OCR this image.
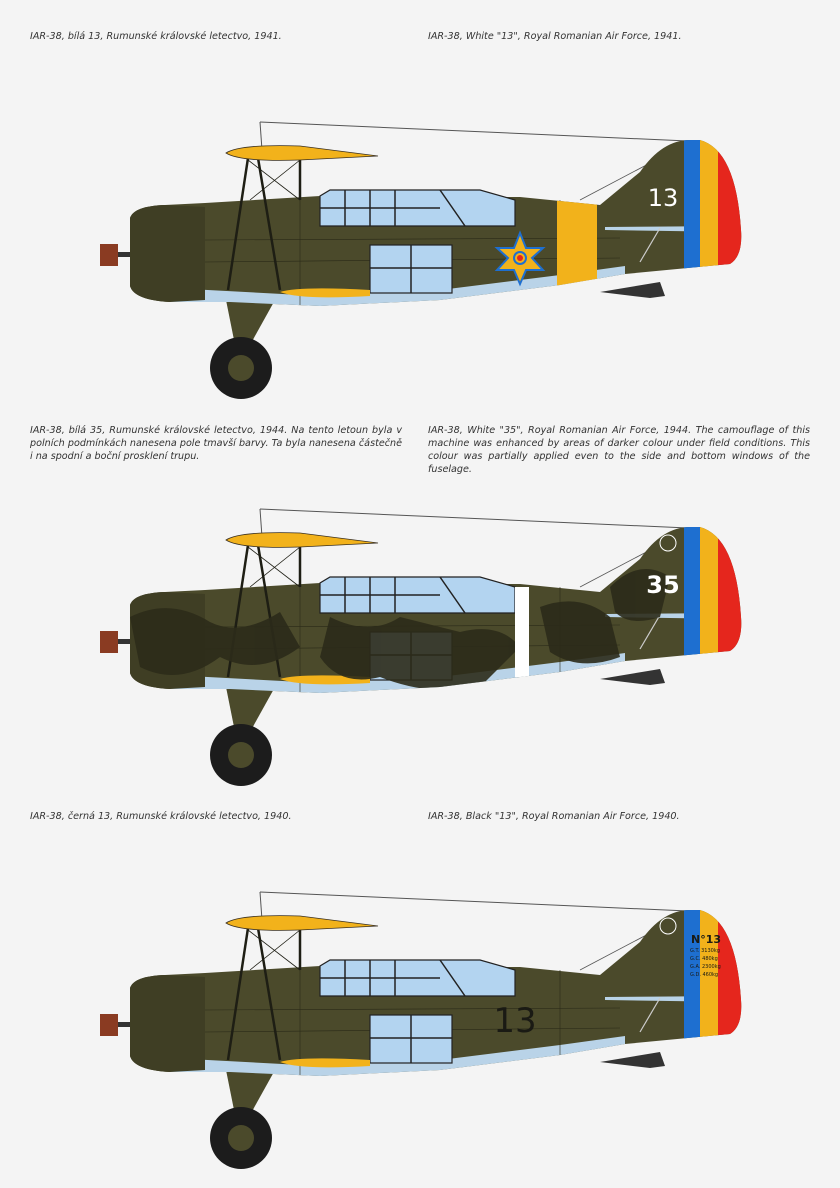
IAR-38, bílá 13, Rumunské královské letectvo, 1941.	IAR-38, White "13", Royal Romanian Air Force, 1941.
IAR-38, bílá 35, Rumunské královské letectvo, 1944. Na tento letoun byla v polních podmínkách nanesena pole tmavší barvy. Ta byla nanesena částečně i na spodní a boční prosklení trupu.
IAR-38, White "35", Royal Romanian Air Force, 1944. The camouflage of this machine was enhanced by areas of darker colour under field conditions. This colour was partially applied even to the side and bottom windows of the fuselage.
IAR-38, černá 13, Rumunské královské letectvo, 1940.	IAR-38, Black "13", Royal Romanian Air Force, 1940.
13
35
13
N°13
G.T. 3130kg
G.C. 480kg
G.A. 2300kg
G.D. 460kg
